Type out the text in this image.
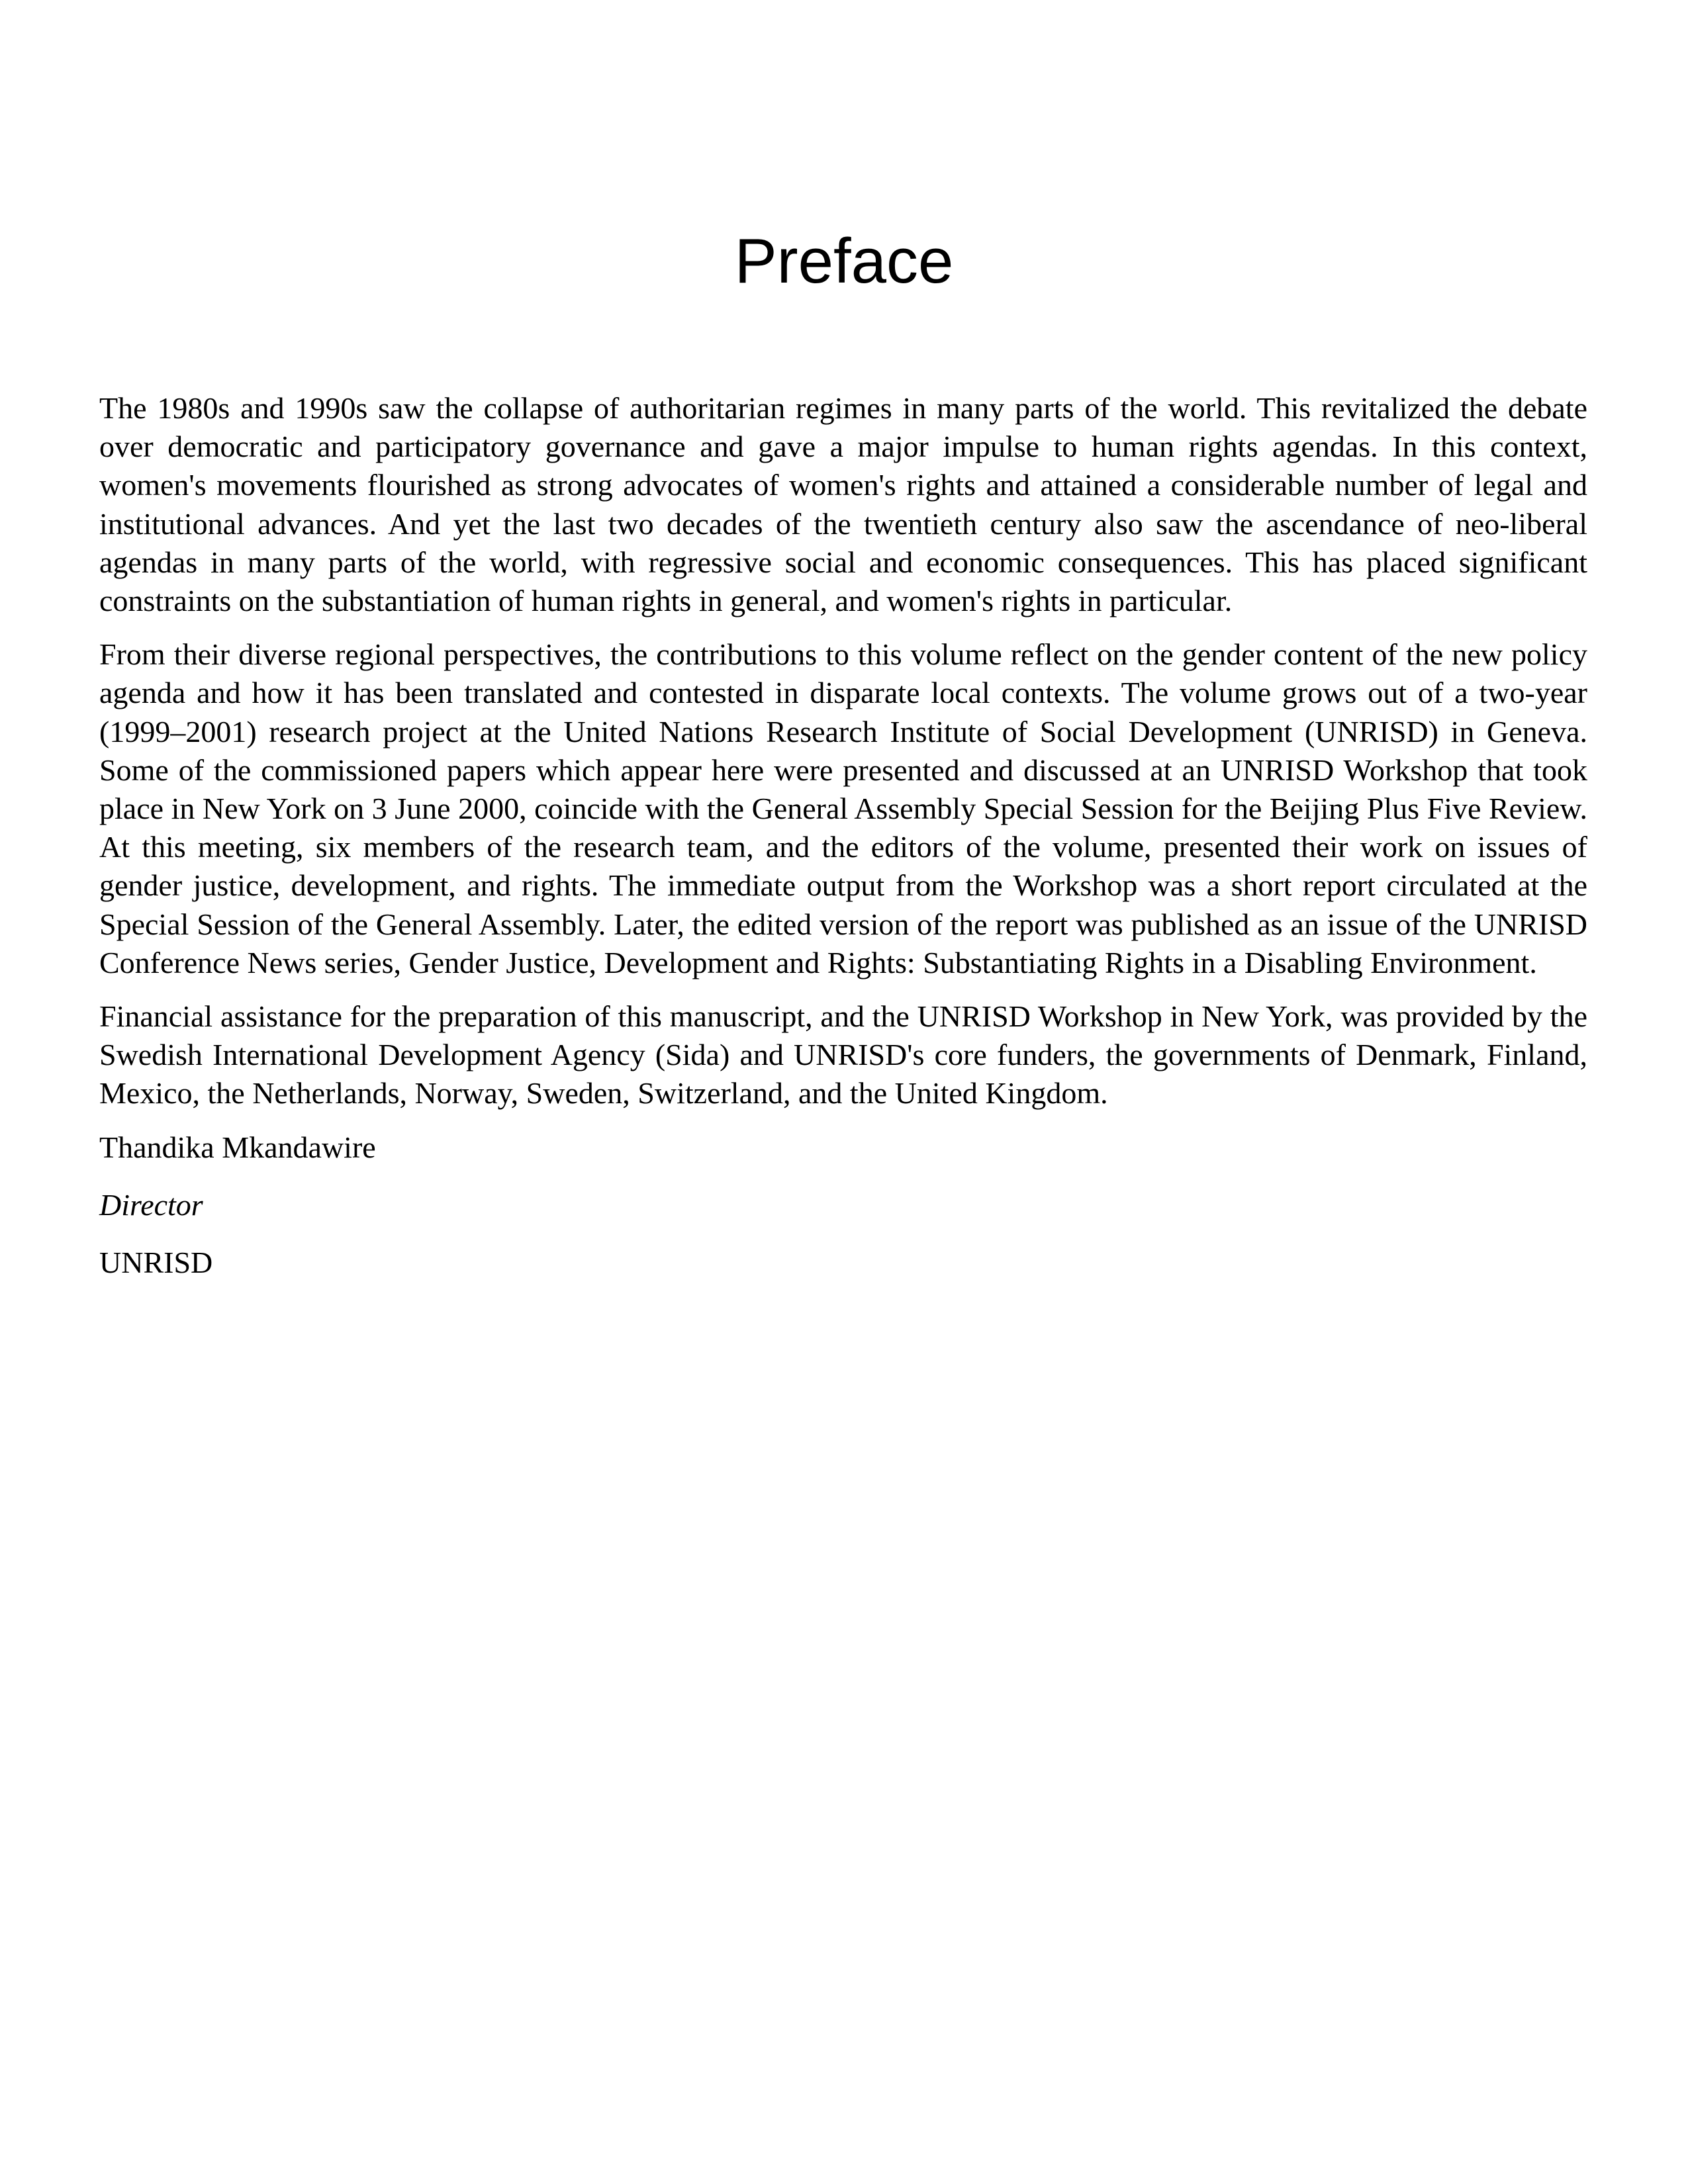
Preface

The 1980s and 1990s saw the collapse of authoritarian regimes in many parts of the world. This revitalized the debate over democratic and participatory governance and gave a major impulse to human rights agendas. In this context, women's movements flourished as strong advocates of women's rights and attained a considerable number of legal and institutional advances. And yet the last two decades of the twentieth century also saw the ascendance of neo-liberal agendas in many parts of the world, with regressive social and economic consequences. This has placed significant constraints on the substantiation of human rights in general, and women's rights in particular.

From their diverse regional perspectives, the contributions to this volume reflect on the gender content of the new policy agenda and how it has been translated and contested in disparate local contexts. The volume grows out of a two-year (1999–2001) research project at the United Nations Research Institute of Social Development (UNRISD) in Geneva. Some of the commissioned papers which appear here were presented and discussed at an UNRISD Workshop that took place in New York on 3 June 2000, coincide with the General Assembly Special Session for the Beijing Plus Five Review. At this meeting, six members of the research team, and the editors of the volume, presented their work on issues of gender justice, development, and rights. The immediate output from the Workshop was a short report circulated at the Special Session of the General Assembly. Later, the edited version of the report was published as an issue of the UNRISD Conference News series, Gender Justice, Development and Rights: Substantiating Rights in a Disabling Environment.

Financial assistance for the preparation of this manuscript, and the UNRISD Workshop in New York, was provided by the Swedish International Development Agency (Sida) and UNRISD's core funders, the governments of Denmark, Finland, Mexico, the Netherlands, Norway, Sweden, Switzerland, and the United Kingdom.

Thandika Mkandawire
Director
UNRISD
